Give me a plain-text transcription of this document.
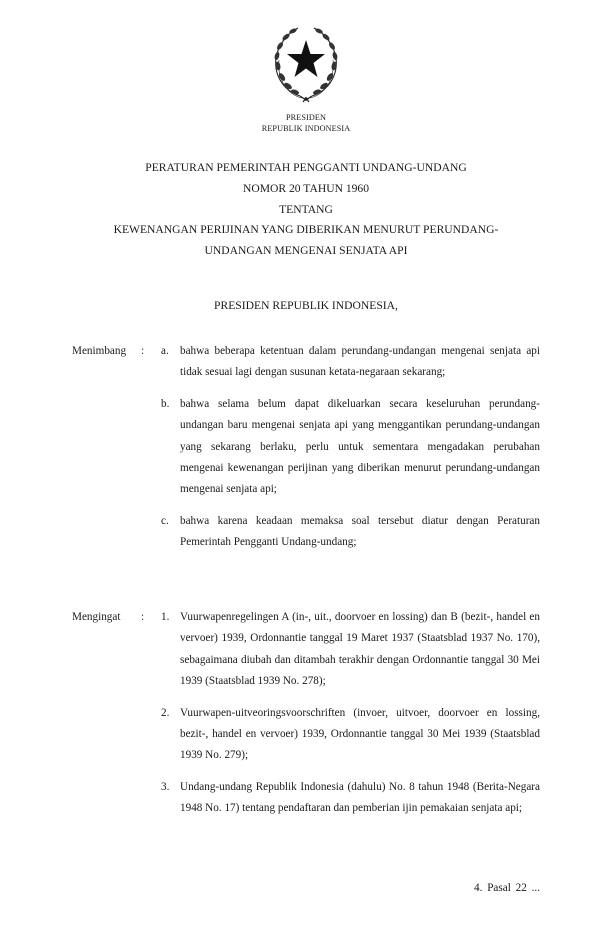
PRESIDEN
REPUBLIK INDONESIA
PERATURAN PEMERINTAH PENGGANTI UNDANG-UNDANG
NOMOR 20 TAHUN 1960
TENTANG
KEWENANGAN PERIJINAN YANG DIBERIKAN MENURUT PERUNDANG-
UNDANGAN MENGENAI SENJATA API
PRESIDEN REPUBLIK INDONESIA,
Menimbang : a. bahwa beberapa ketentuan dalam perundang-undangan mengenai senjata api tidak sesuai lagi dengan susunan ketata-negaraan sekarang;
b. bahwa selama belum dapat dikeluarkan secara keseluruhan perundang-undangan baru mengenai senjata api yang menggantikan perundang-undangan yang sekarang berlaku, perlu untuk sementara mengadakan perubahan mengenai kewenangan perijinan yang diberikan menurut perundang-undangan mengenai senjata api;
c. bahwa karena keadaan memaksa soal tersebut diatur dengan Peraturan Pemerintah Pengganti Undang-undang;
Mengingat : 1. Vuurwapenregelingen A (in-, uit., doorvoer en lossing) dan B (bezit-, handel en vervoer) 1939, Ordonnantie tanggal 19 Maret 1937 (Staatsblad 1937 No. 170), sebagaimana diubah dan ditambah terakhir dengan Ordonnantie tanggal 30 Mei 1939 (Staatsblad 1939 No. 278);
2. Vuurwapen-uitveoringsvoorschriften (invoer, uitvoer, doorvoer en lossing, bezit-, handel en vervoer) 1939, Ordonnantie tanggal 30 Mei 1939 (Staatsblad 1939 No. 279);
3. Undang-undang Republik Indonesia (dahulu) No. 8 tahun 1948 (Berita-Negara 1948 No. 17) tentang pendaftaran dan pemberian ijin pemakaian senjata api;
4. Pasal 22 ...
